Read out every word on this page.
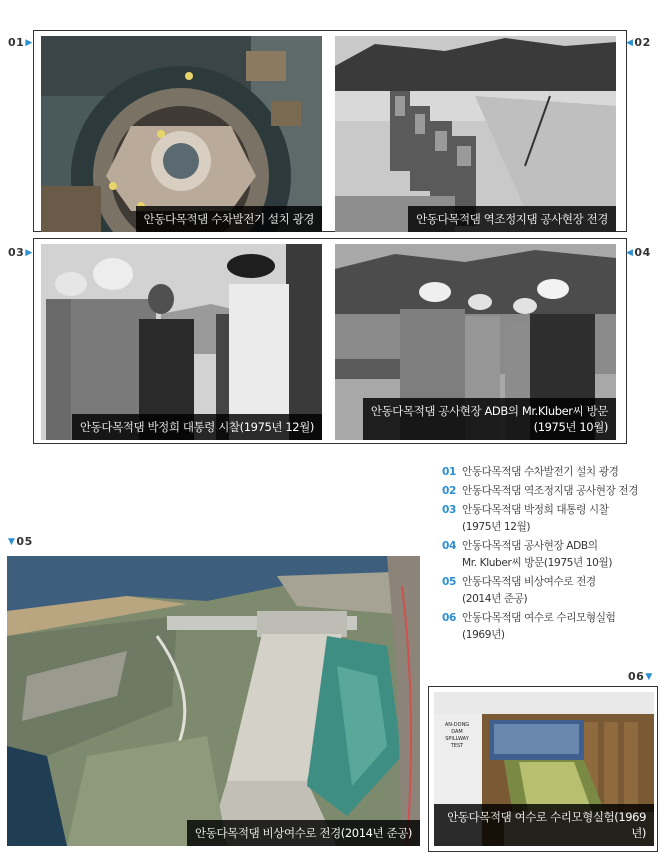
01 ▶	◀ 02
03 ▶	◀ 04
▼ 05
06 ▼
안동다목적댐 수차발전기 설치 광경	안동다목적댐 역조정지댐 공사현장 전경
안동다목적댐 박정희 대통령 시찰(1975년 12월)
안동다목적댐 공사현장 ADB의 Mr.Kluber씨 방문
(1975년 10월)
01 안동다목적댐 수차발전기 설치 광경
02 안동다목적댐 역조정지댐 공사현장 전경
03 안동다목적댐 박정희 대통령 시찰
(1975년 12월)
04 안동다목적댐 공사현장 ADB의
Mr. Kluber씨 방문(1975년 10월)
05 안동다목적댐 비상여수로 전경
(2014년 준공)
06 안동다목적댐 여수로 수리모형실험
(1969년)
안동다목적댐 비상여수로 전경(2014년 준공)
AN-DONG DAM
SPILLWAY TEST
안동다목적댐 여수로 수리모형실험(1969년)
